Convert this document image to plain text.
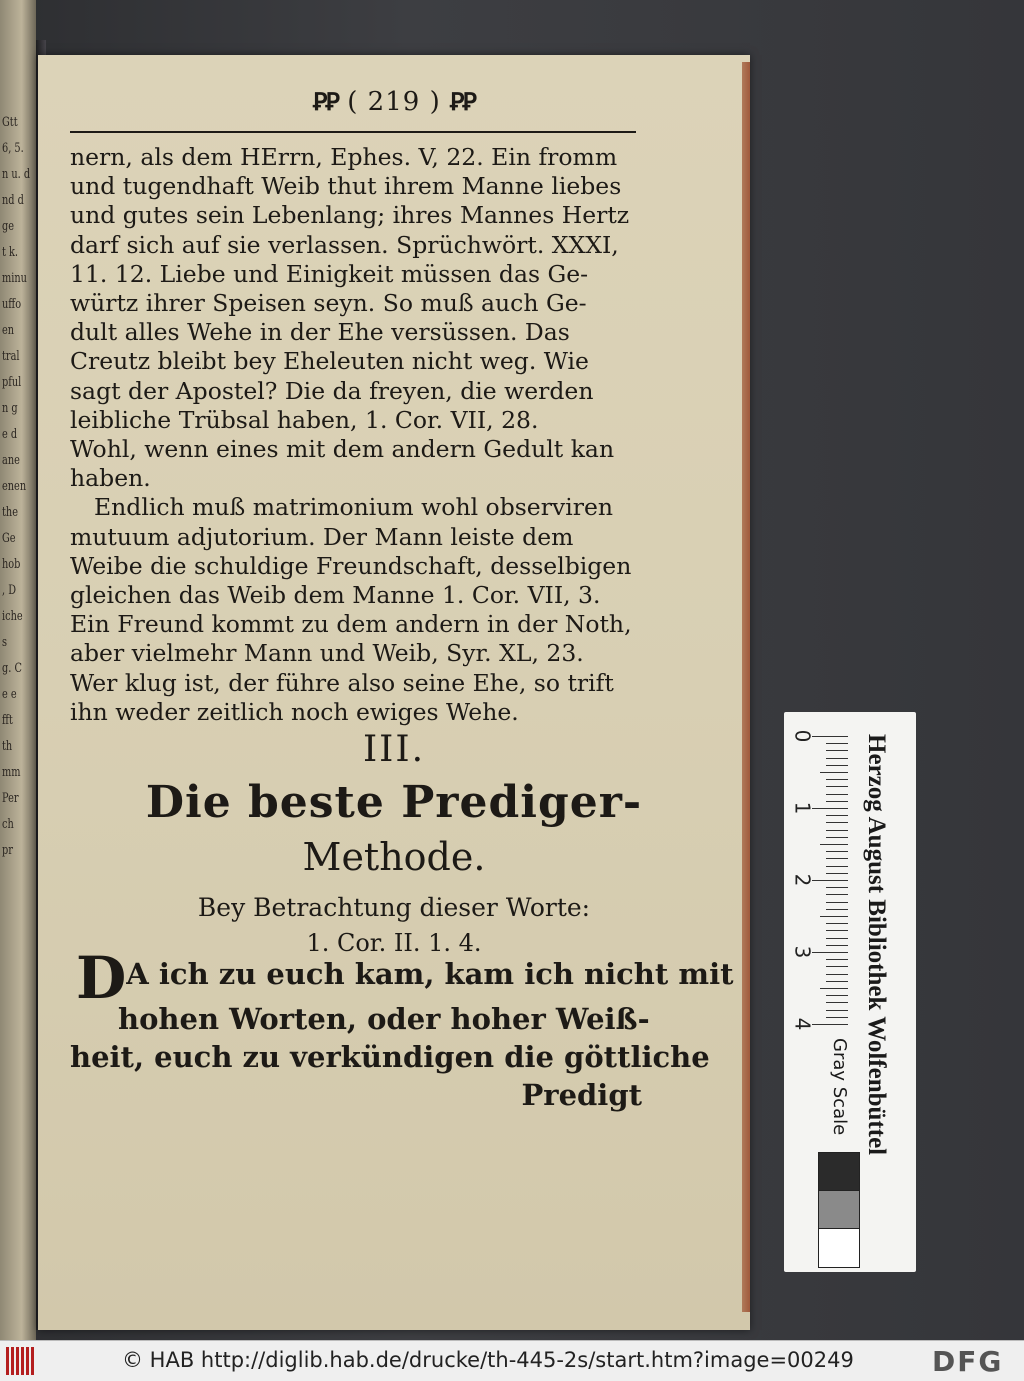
Gtt
6, 5.
n u. d
nd d
ge
t k.
minu
uffo
en
tral
pful
n g
e d
ane
enen
the
Ge
hob
, D
iche
s
g. C
e e
fft
th
mm
Per
ch
pr
ꝐꝐ ( 219 ) ꝐꝐ
nern, als dem HErrn, Ephes. V, 22. Ein fromm
und tugendhaft Weib thut ihrem Manne liebes
und gutes sein Lebenlang; ihres Mannes Hertz
darf sich auf sie verlassen. Sprüchwört. XXXI,
11. 12. Liebe und Einigkeit müssen das Ge-
würtz ihrer Speisen seyn. So muß auch Ge-
dult alles Wehe in der Ehe versüssen. Das
Creutz bleibt bey Eheleuten nicht weg. Wie
sagt der Apostel? Die da freyen, die werden
leibliche Trübsal haben, 1. Cor. VII, 28.
Wohl, wenn eines mit dem andern Gedult kan
haben.
Endlich muß matrimonium wohl observiren
mutuum adjutorium. Der Mann leiste dem
Weibe die schuldige Freundschaft, desselbigen
gleichen das Weib dem Manne 1. Cor. VII, 3.
Ein Freund kommt zu dem andern in der Noth,
aber vielmehr Mann und Weib, Syr. XL, 23.
Wer klug ist, der führe also seine Ehe, so trift
ihn weder zeitlich noch ewiges Wehe.
III.
Die beste Prediger-
Methode.
Bey Betrachtung dieser Worte:
1. Cor. II. 1. 4.
DA ich zu euch kam, kam ich nicht mit
hohen Worten, oder hoher Weiß-
heit, euch zu verkündigen die göttliche
Predigt
0
1
2
3
4	Herzog August Bibliothek Wolfenbüttel
Gray Scale
© HAB http://diglib.hab.de/drucke/th-445-2s/start.htm?image=00249	DFG
